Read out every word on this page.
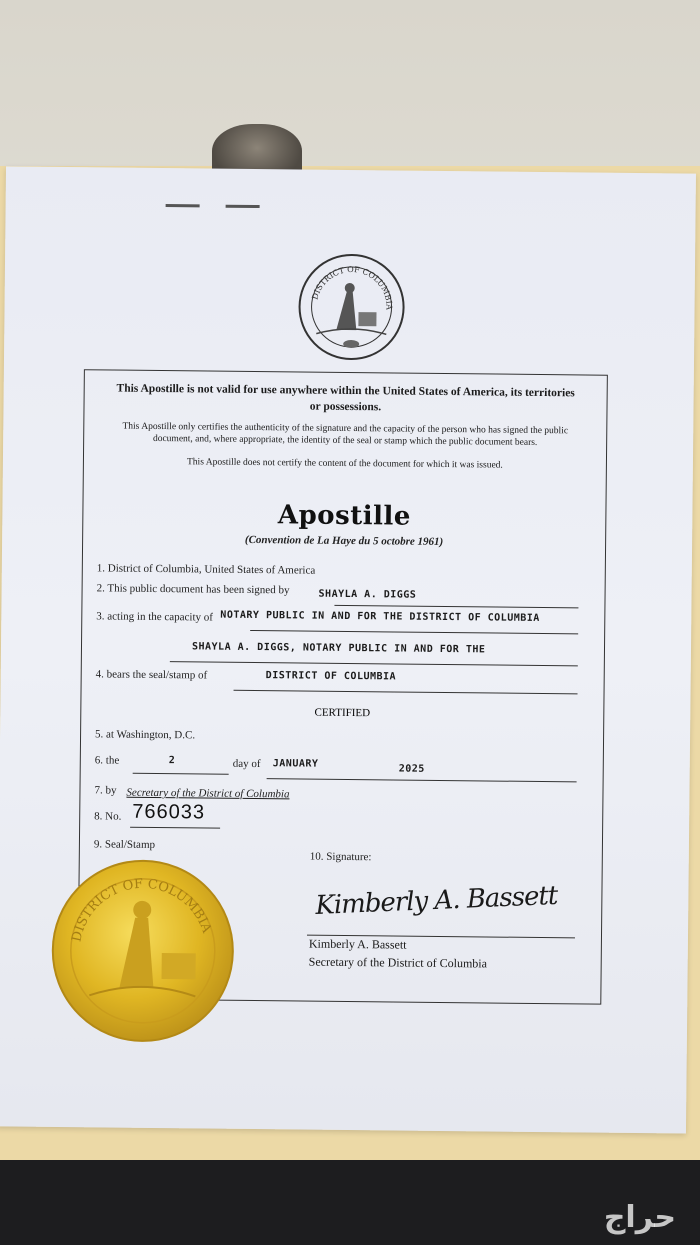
DISTRICT OF COLUMBIA
This Apostille is not valid for use anywhere within the United States of America, its territories or possessions.
This Apostille only certifies the authenticity of the signature and the capacity of the person who has signed the public document, and, where appropriate, the identity of the seal or stamp which the public document bears.
This Apostille does not certify the content of the document for which it was issued.
Apostille
(Convention de La Haye du 5 octobre 1961)
1. District of Columbia, United States of America
2. This public document has been signed by	SHAYLA A. DIGGS
3. acting in the capacity of NOTARY PUBLIC IN AND FOR THE DISTRICT OF COLUMBIA
SHAYLA A. DIGGS, NOTARY PUBLIC IN AND FOR THE
4. bears the seal/stamp of	DISTRICT OF COLUMBIA
CERTIFIED
5. at Washington, D.C.
6. the	2	day of JANUARY	2025
7. by Secretary of the District of Columbia
8. No. 766033
9. Seal/Stamp
10. Signature:
Kimberly A. Bassett
Kimberly A. Bassett
Secretary of the District of Columbia
DISTRICT OF COLUMBIA
حراج
